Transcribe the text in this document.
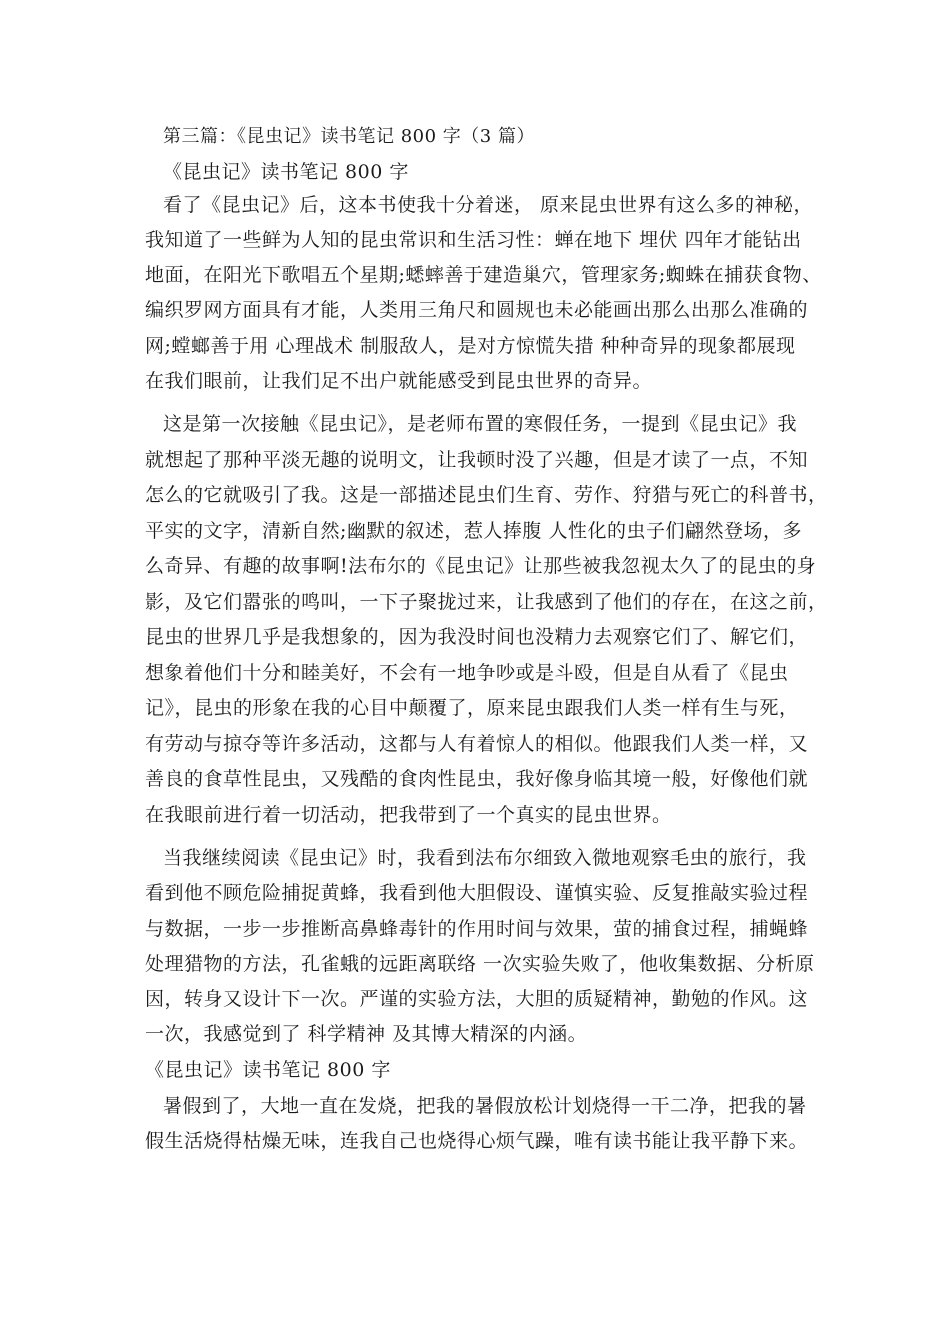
第三篇：《昆虫记》读书笔记 800 字（3 篇）
《昆虫记》读书笔记 800 字
看了《昆虫记》后，这本书使我十分着迷， 原来昆虫世界有这么多的神秘，
我知道了一些鲜为人知的昆虫常识和生活习性：蝉在地下 埋伏 四年才能钻出
地面，在阳光下歌唱五个星期;蟋蟀善于建造巢穴，管理家务;蜘蛛在捕获食物、
编织罗网方面具有才能，人类用三角尺和圆规也未必能画出那么出那么准确的
网;螳螂善于用 心理战术 制服敌人，是对方惊慌失措 种种奇异的现象都展现
在我们眼前，让我们足不出户就能感受到昆虫世界的奇异。
这是第一次接触《昆虫记》，是老师布置的寒假任务，一提到《昆虫记》我
就想起了那种平淡无趣的说明文，让我顿时没了兴趣，但是才读了一点，不知
怎么的它就吸引了我。这是一部描述昆虫们生育、劳作、狩猎与死亡的科普书，
平实的文字，清新自然;幽默的叙述，惹人捧腹 人性化的虫子们翩然登场，多
么奇异、有趣的故事啊!法布尔的《昆虫记》让那些被我忽视太久了的昆虫的身
影，及它们嚣张的鸣叫，一下子聚拢过来，让我感到了他们的存在，在这之前，
昆虫的世界几乎是我想象的，因为我没时间也没精力去观察它们了、解它们，
想象着他们十分和睦美好，不会有一地争吵或是斗殴，但是自从看了《昆虫
记》，昆虫的形象在我的心目中颠覆了，原来昆虫跟我们人类一样有生与死，
有劳动与掠夺等许多活动，这都与人有着惊人的相似。他跟我们人类一样，又
善良的食草性昆虫，又残酷的食肉性昆虫，我好像身临其境一般，好像他们就
在我眼前进行着一切活动，把我带到了一个真实的昆虫世界。
当我继续阅读《昆虫记》时，我看到法布尔细致入微地观察毛虫的旅行，我
看到他不顾危险捕捉黄蜂，我看到他大胆假设、谨慎实验、反复推敲实验过程
与数据，一步一步推断高鼻蜂毒针的作用时间与效果，萤的捕食过程，捕蝇蜂
处理猎物的方法，孔雀蛾的远距离联络 一次实验失败了，他收集数据、分析原
因，转身又设计下一次。严谨的实验方法，大胆的质疑精神，勤勉的作风。这
一次，我感觉到了 科学精神 及其博大精深的内涵。
《昆虫记》读书笔记 800 字
暑假到了，大地一直在发烧，把我的暑假放松计划烧得一干二净，把我的暑
假生活烧得枯燥无味，连我自己也烧得心烦气躁，唯有读书能让我平静下来。
